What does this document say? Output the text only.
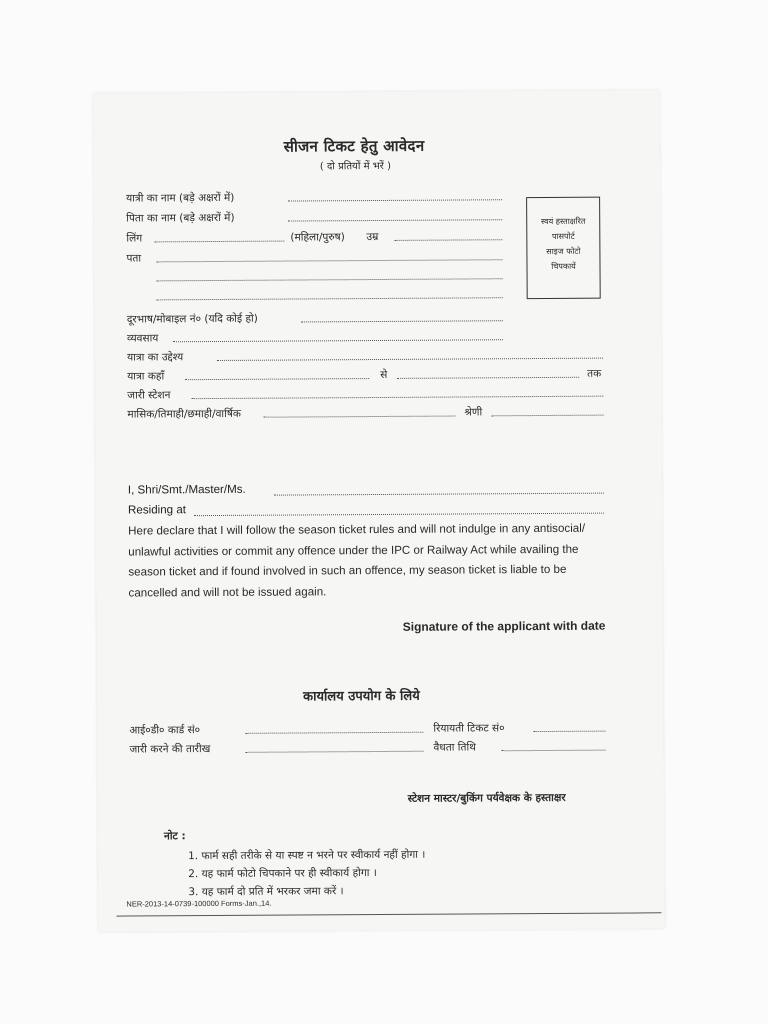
सीजन टिकट हेतु आवेदन
( दो प्रतियों में भरें )
यात्री का नाम (बड़े अक्षरों में)
पिता का नाम (बड़े अक्षरों में)
लिंग	(महिला/पुरुष) उम्र
पता
स्वयं हस्ताक्षरित
पासपोर्ट
साइज फोटो
चिपकायें
दूरभाष/मोबाइल नं० (यदि कोई हो)
व्यवसाय
यात्रा का उद्देश्य
यात्रा कहाँ	से	तक
जारी स्टेशन
मासिक/तिमाही/छमाही/वार्षिक	श्रेणी
I, Shri/Smt./Master/Ms.
Residing at
Here declare that I will follow the season ticket rules and will not indulge in any antisocial/ unlawful activities or commit any offence under the IPC or Railway Act while availing the season ticket and if found involved in such an offence, my season ticket is liable to be cancelled and will not be issued again.
Signature of the applicant with date
कार्यालय उपयोग के लिये
आई०डी० कार्ड सं०	रियायती टिकट सं०
जारी करने की तारीख	वैधता तिथि
स्टेशन मास्टर/बुकिंग पर्यवेक्षक के हस्ताक्षर
नोट :
1. फार्म सही तरीके से या स्पष्ट न भरने पर स्वीकार्य नहीं होगा ।
2. यह फार्म फोटो चिपकाने पर ही स्वीकार्य होगा ।
3. यह फार्म दो प्रति में भरकर जमा करें ।
NER-2013-14-0739-100000 Forms-Jan.,14.
